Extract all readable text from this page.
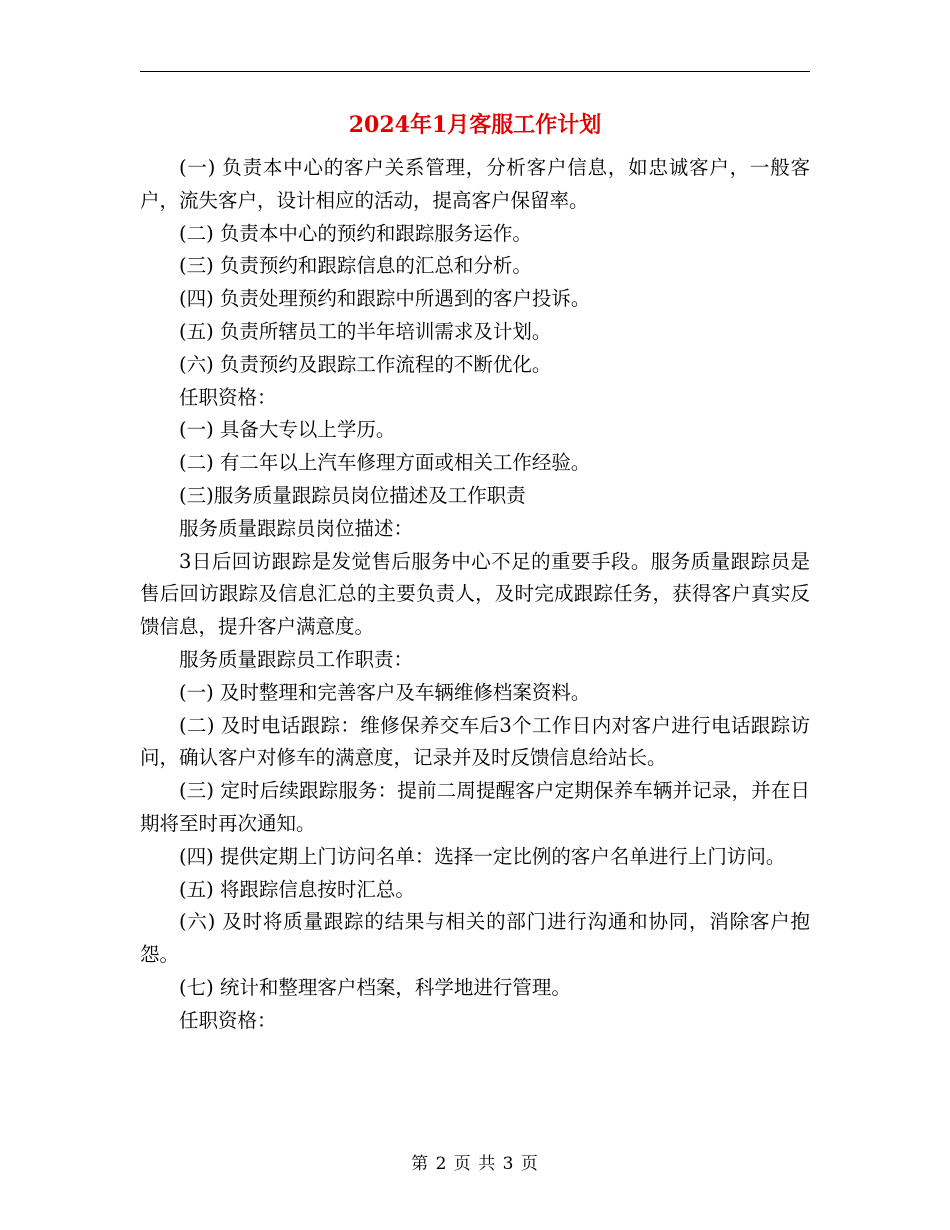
2024年1月客服工作计划

(一) 负责本中心的客户关系管理，分析客户信息，如忠诚客户，一般客户，流失客户，设计相应的活动，提高客户保留率。

(二) 负责本中心的预约和跟踪服务运作。

(三) 负责预约和跟踪信息的汇总和分析。

(四) 负责处理预约和跟踪中所遇到的客户投诉。

(五) 负责所辖员工的半年培训需求及计划。

(六) 负责预约及跟踪工作流程的不断优化。

任职资格：

(一) 具备大专以上学历。

(二) 有二年以上汽车修理方面或相关工作经验。

(三)服务质量跟踪员岗位描述及工作职责

服务质量跟踪员岗位描述：

3日后回访跟踪是发觉售后服务中心不足的重要手段。服务质量跟踪员是售后回访跟踪及信息汇总的主要负责人，及时完成跟踪任务，获得客户真实反馈信息，提升客户满意度。

服务质量跟踪员工作职责：

(一) 及时整理和完善客户及车辆维修档案资料。

(二) 及时电话跟踪：维修保养交车后3个工作日内对客户进行电话跟踪访问，确认客户对修车的满意度，记录并及时反馈信息给站长。

(三) 定时后续跟踪服务：提前二周提醒客户定期保养车辆并记录，并在日期将至时再次通知。

(四) 提供定期上门访问名单：选择一定比例的客户名单进行上门访问。

(五) 将跟踪信息按时汇总。

(六) 及时将质量跟踪的结果与相关的部门进行沟通和协同，消除客户抱怨。

(七) 统计和整理客户档案，科学地进行管理。

任职资格：

第 2 页 共 3 页
